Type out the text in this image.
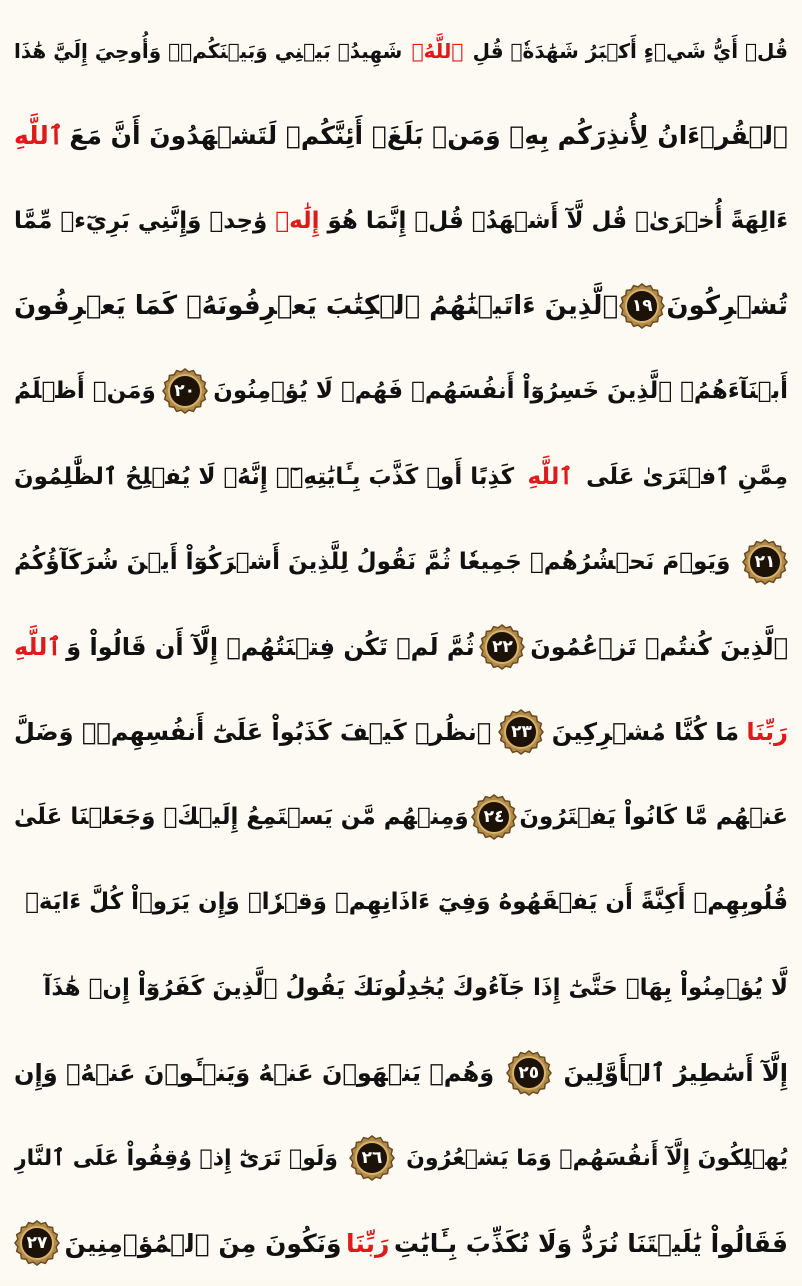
قُلۡ أَيُّ شَيۡءٍ أَكۡبَرُ شَهَٰدَةٗۖ قُلِ
ٱللَّهُۖ
شَهِيدُۢ بَيۡنِي وَبَيۡنَكُمۡۚ وَأُوحِيَ إِلَيَّ هَٰذَا
ٱلۡقُرۡءَانُ لِأُنذِرَكُم بِهِۦ وَمَنۢ بَلَغَۚ أَئِنَّكُمۡ لَتَشۡهَدُونَ أَنَّ مَعَ
ٱللَّهِ
ءَالِهَةً أُخۡرَىٰۚ قُل لَّآ أَشۡهَدُۚ قُلۡ إِنَّمَا هُوَ
إِلَٰهٞ
وَٰحِدٞ وَإِنَّنِي بَرِيٓءٞ مِّمَّا
تُشۡرِكُونَ
١٩
ٱلَّذِينَ ءَاتَيۡنَٰهُمُ ٱلۡكِتَٰبَ يَعۡرِفُونَهُۥ كَمَا يَعۡرِفُونَ
أَبۡنَآءَهُمُۘ ٱلَّذِينَ خَسِرُوٓاْ أَنفُسَهُمۡ فَهُمۡ لَا يُؤۡمِنُونَ
٢٠
وَمَنۡ أَظۡلَمُ
مِمَّنِ ٱفۡتَرَىٰ عَلَى
ٱللَّهِ
كَذِبًا أَوۡ كَذَّبَ بِـَٔايَٰتِهِۦٓۚ إِنَّهُۥ لَا يُفۡلِحُ ٱلظَّٰلِمُونَ
٢١
وَيَوۡمَ نَحۡشُرُهُمۡ جَمِيعٗا ثُمَّ نَقُولُ لِلَّذِينَ أَشۡرَكُوٓاْ أَيۡنَ شُرَكَآؤُكُمُ
ٱلَّذِينَ كُنتُمۡ تَزۡعُمُونَ
٢٢
ثُمَّ لَمۡ تَكُن فِتۡنَتُهُمۡ إِلَّآ أَن قَالُواْ وَ
ٱللَّهِ
رَبِّنَا
مَا كُنَّا مُشۡرِكِينَ
٢٣
ٱنظُرۡ كَيۡفَ كَذَبُواْ عَلَىٰٓ أَنفُسِهِمۡۚ وَضَلَّ
عَنۡهُم مَّا كَانُواْ يَفۡتَرُونَ
٢٤
وَمِنۡهُم مَّن يَسۡتَمِعُ إِلَيۡكَۖ وَجَعَلۡنَا عَلَىٰ
قُلُوبِهِمۡ أَكِنَّةً أَن يَفۡقَهُوهُ وَفِيٓ ءَاذَانِهِمۡ وَقۡرٗاۚ وَإِن يَرَوۡاْ كُلَّ ءَايَةٖ
لَّا يُؤۡمِنُواْ بِهَاۖ حَتَّىٰٓ إِذَا جَآءُوكَ يُجَٰدِلُونَكَ يَقُولُ ٱلَّذِينَ كَفَرُوٓاْ إِنۡ هَٰذَآ
إِلَّآ أَسَٰطِيرُ ٱلۡأَوَّلِينَ
٢٥
وَهُمۡ يَنۡهَوۡنَ عَنۡهُ وَيَنۡـَٔوۡنَ عَنۡهُۖ وَإِن
يُهۡلِكُونَ إِلَّآ أَنفُسَهُمۡ وَمَا يَشۡعُرُونَ
٢٦
وَلَوۡ تَرَىٰٓ إِذۡ وُقِفُواْ عَلَى ٱلنَّارِ
فَقَالُواْ يَٰلَيۡتَنَا نُرَدُّ وَلَا نُكَذِّبَ بِـَٔايَٰتِ
رَبِّنَا
وَنَكُونَ مِنَ ٱلۡمُؤۡمِنِينَ
٢٧
